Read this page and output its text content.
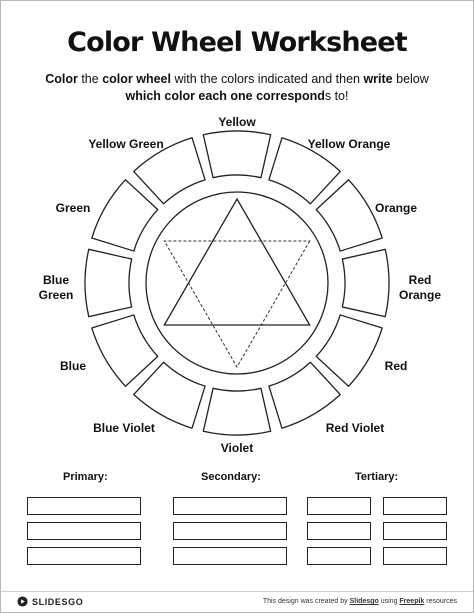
Color Wheel Worksheet
Color the color wheel with the colors indicated and then write below
which color each one corresponds to!
Yellow
Yellow Orange
Orange
Red Orange
Red
Red Violet
Violet
Blue Violet
Blue
Blue Green
Green
Yellow Green
Primary:	Secondary:	Tertiary:
SLIDESGO	This design was created by Slidesgo using Freepik resources
